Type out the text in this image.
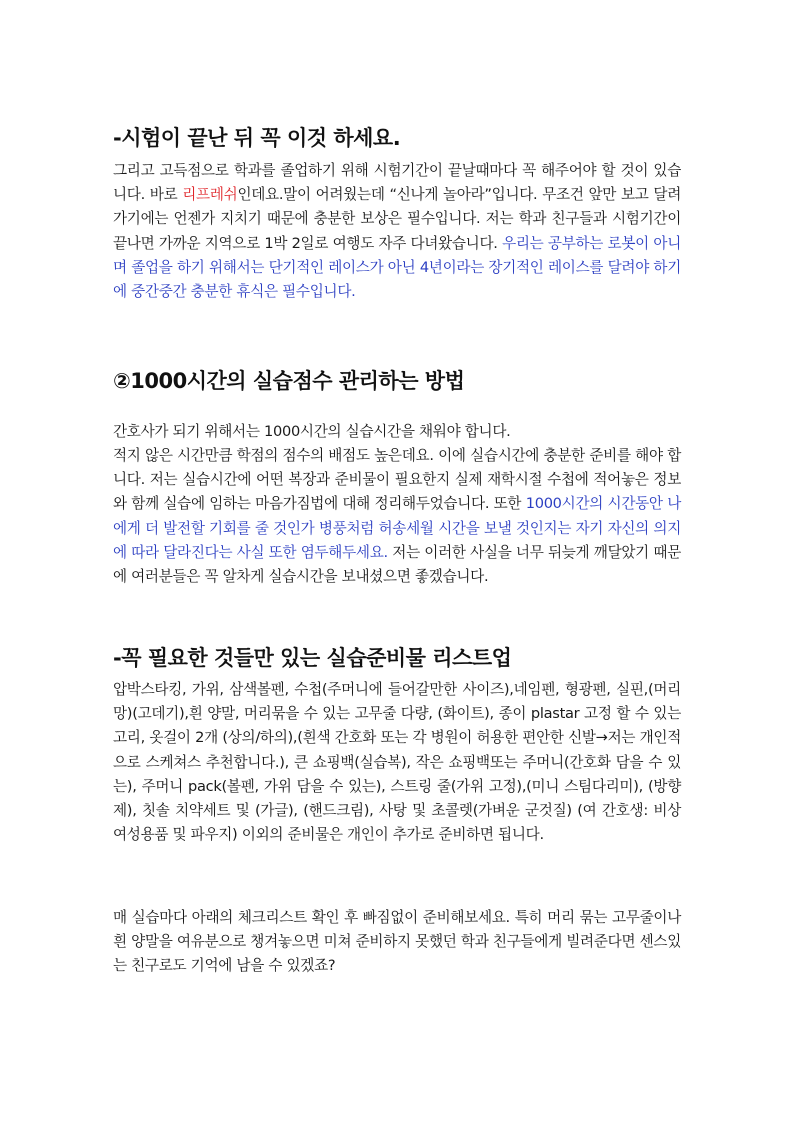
-시험이 끝난 뒤 꼭 이것 하세요.
그리고 고득점으로 학과를 졸업하기 위해 시험기간이 끝날때마다 꼭 해주어야 할 것이 있습니다. 바로 리프레쉬인데요.말이 어려웠는데 “신나게 놀아라”입니다. 무조건 앞만 보고 달려가기에는 언젠가 지치기 때문에 충분한 보상은 필수입니다. 저는 학과 친구들과 시험기간이 끝나면 가까운 지역으로 1박 2일로 여행도 자주 다녀왔습니다. 우리는 공부하는 로봇이 아니며 졸업을 하기 위해서는 단기적인 레이스가 아닌 4년이라는 장기적인 레이스를 달려야 하기에 중간중간 충분한 휴식은 필수입니다.
②1000시간의 실습점수 관리하는 방법
간호사가 되기 위해서는 1000시간의 실습시간을 채워야 합니다.
적지 않은 시간만큼 학점의 점수의 배점도 높은데요. 이에 실습시간에 충분한 준비를 해야 합니다. 저는 실습시간에 어떤 복장과 준비물이 필요한지 실제 재학시절 수첩에 적어놓은 정보와 함께 실습에 임하는 마음가짐법에 대해 정리해두었습니다. 또한 1000시간의 시간동안 나에게 더 발전할 기회를 줄 것인가 병풍처럼 허송세월 시간을 보낼 것인지는 자기 자신의 의지에 따라 달라진다는 사실 또한 염두해두세요. 저는 이러한 사실을 너무 뒤늦게 깨달았기 때문에 여러분들은 꼭 알차게 실습시간을 보내셨으면 좋겠습니다.
-꼭 필요한 것들만 있는 실습준비물 리스트업
압박스타킹, 가위, 삼색볼펜, 수첩(주머니에 들어갈만한 사이즈),네임펜, 형광펜, 실핀,(머리망)(고데기),흰 양말, 머리묶을 수 있는 고무줄 다량, (화이트), 종이 plastar 고정 할 수 있는 고리, 옷걸이 2개 (상의/하의),(흰색 간호화 또는 각 병원이 허용한 편안한 신발→저는 개인적으로 스케쳐스 추천합니다.), 큰 쇼핑백(실습복), 작은 쇼핑백또는 주머니(간호화 담을 수 있는), 주머니 pack(볼펜, 가위 담을 수 있는), 스트링 줄(가위 고정),(미니 스팀다리미), (방향제), 칫솔 치약세트 및 (가글), (핸드크림), 사탕 및 초콜렛(가벼운 군것질) (여 간호생: 비상 여성용품 및 파우지) 이외의 준비물은 개인이 추가로 준비하면 됩니다.
매 실습마다 아래의 체크리스트 확인 후 빠짐없이 준비해보세요. 특히 머리 묶는 고무줄이나 흰 양말을 여유분으로 챙겨놓으면 미쳐 준비하지 못했던 학과 친구들에게 빌려준다면 센스있는 친구로도 기억에 남을 수 있겠죠?
